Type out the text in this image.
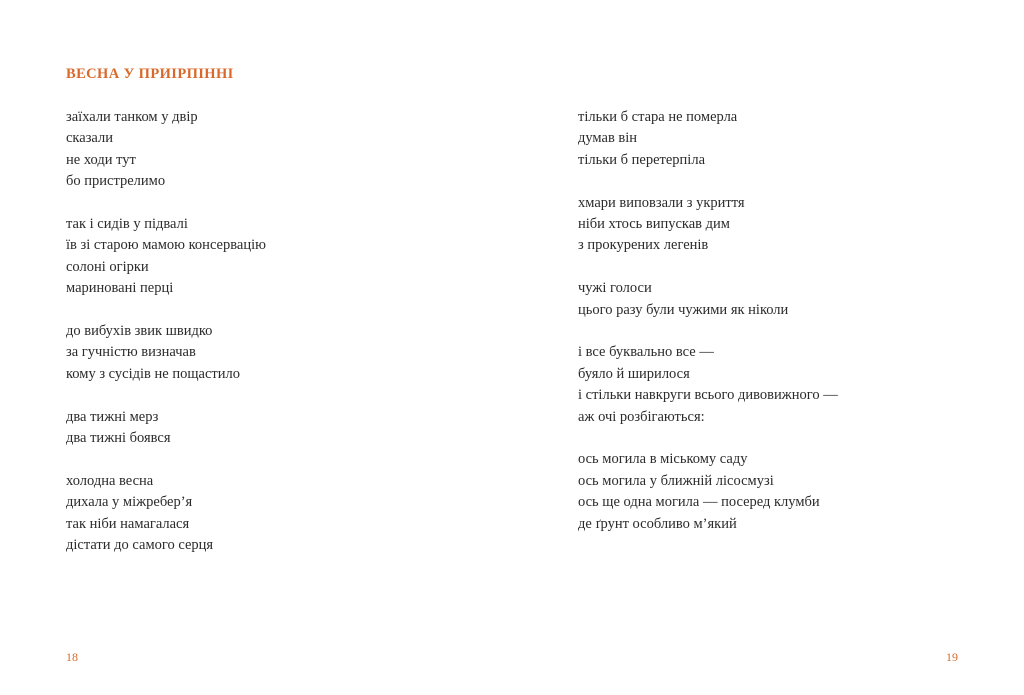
ВЕСНА У ПРИІРПІННІ

заїхали танком у двір
сказали
не ходи тут
бо пристрелимо

так і сидів у підвалі
їв зі старою мамою консервацію
солоні огірки
мариновані перці

до вибухів звик швидко
за гучністю визначав
кому з сусідів не пощастило

два тижні мерз
два тижні боявся

холодна весна
дихала у міжребер’я
так ніби намагалася
дістати до самого серця

18

тільки б стара не померла
думав він
тільки б перетерпіла

хмари виповзали з укриття
ніби хтось випускав дим
з прокурених легенів

чужі голоси
цього разу були чужими як ніколи

і все буквально все —
буяло й ширилося
і стільки навкруги всього дивовижного —
аж очі розбігаються:

ось могила в міському саду
ось могила у ближній лісосмузі
ось ще одна могила — посеред клумби
де ґрунт особливо м’який

19
